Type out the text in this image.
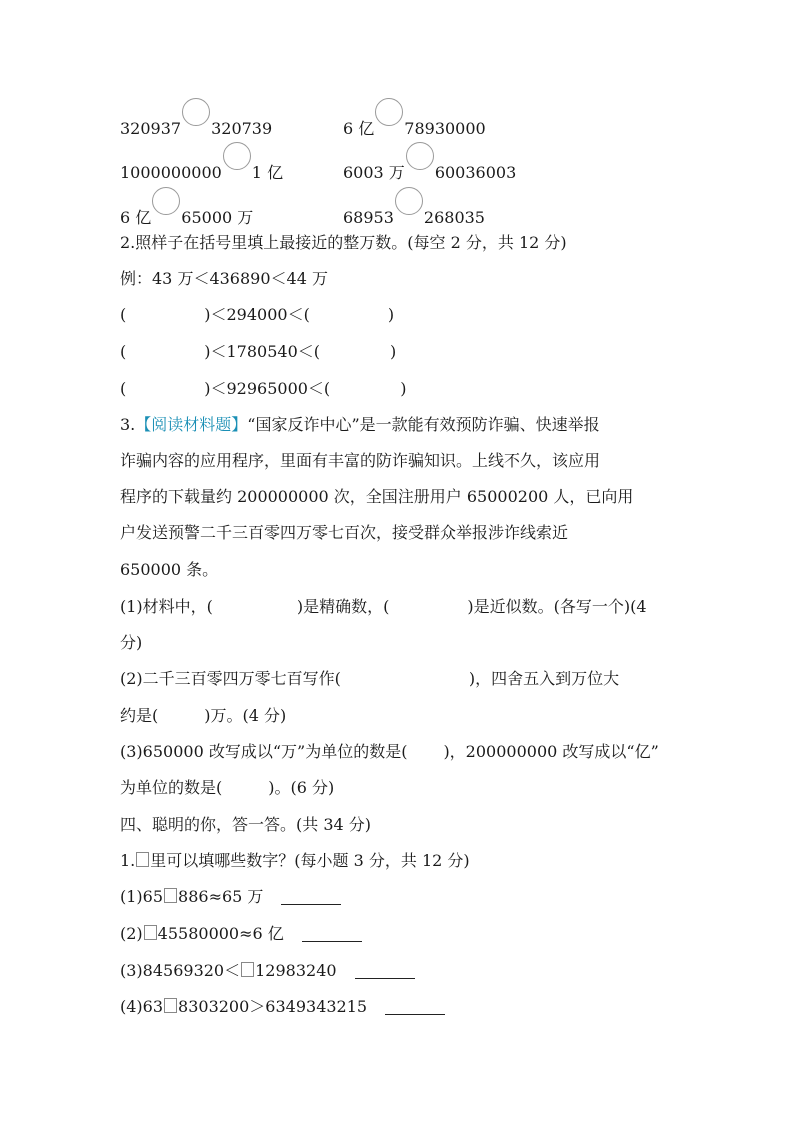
320937 320739	6 亿 78930000
1000000000 1 亿	6003 万 60036003
6 亿 65000 万	68953 268035
2.照样子在括号里填上最接近的整万数。(每空 2 分，共 12 分)
例：43 万＜436890＜44 万
(	)＜294000＜(	)
(	)＜1780540＜(	)
(	)＜92965000＜(	)
3.【阅读材料题】“国家反诈中心”是一款能有效预防诈骗、快速举报
诈骗内容的应用程序，里面有丰富的防诈骗知识。上线不久，该应用
程序的下载量约 200000000 次，全国注册用户 65000200 人，已向用
户发送预警二千三百零四万零七百次，接受群众举报涉诈线索近
650000 条。
(1)材料中，(	)是精确数，(	)是近似数。(各写一个)(4
分)
(2)二千三百零四万零七百写作(	)，四舍五入到万位大
约是(	)万。(4 分)
(3)650000 改写成以“万”为单位的数是( )，200000000 改写成以“亿”
为单位的数是(	)。(6 分)
四、聪明的你，答一答。(共 34 分)
1. 里可以填哪些数字？(每小题 3 分，共 12 分)
(1)65 886≈65 万
(2) 45580000≈6 亿
(3)84569320＜ 12983240
(4)63 8303200＞6349343215
